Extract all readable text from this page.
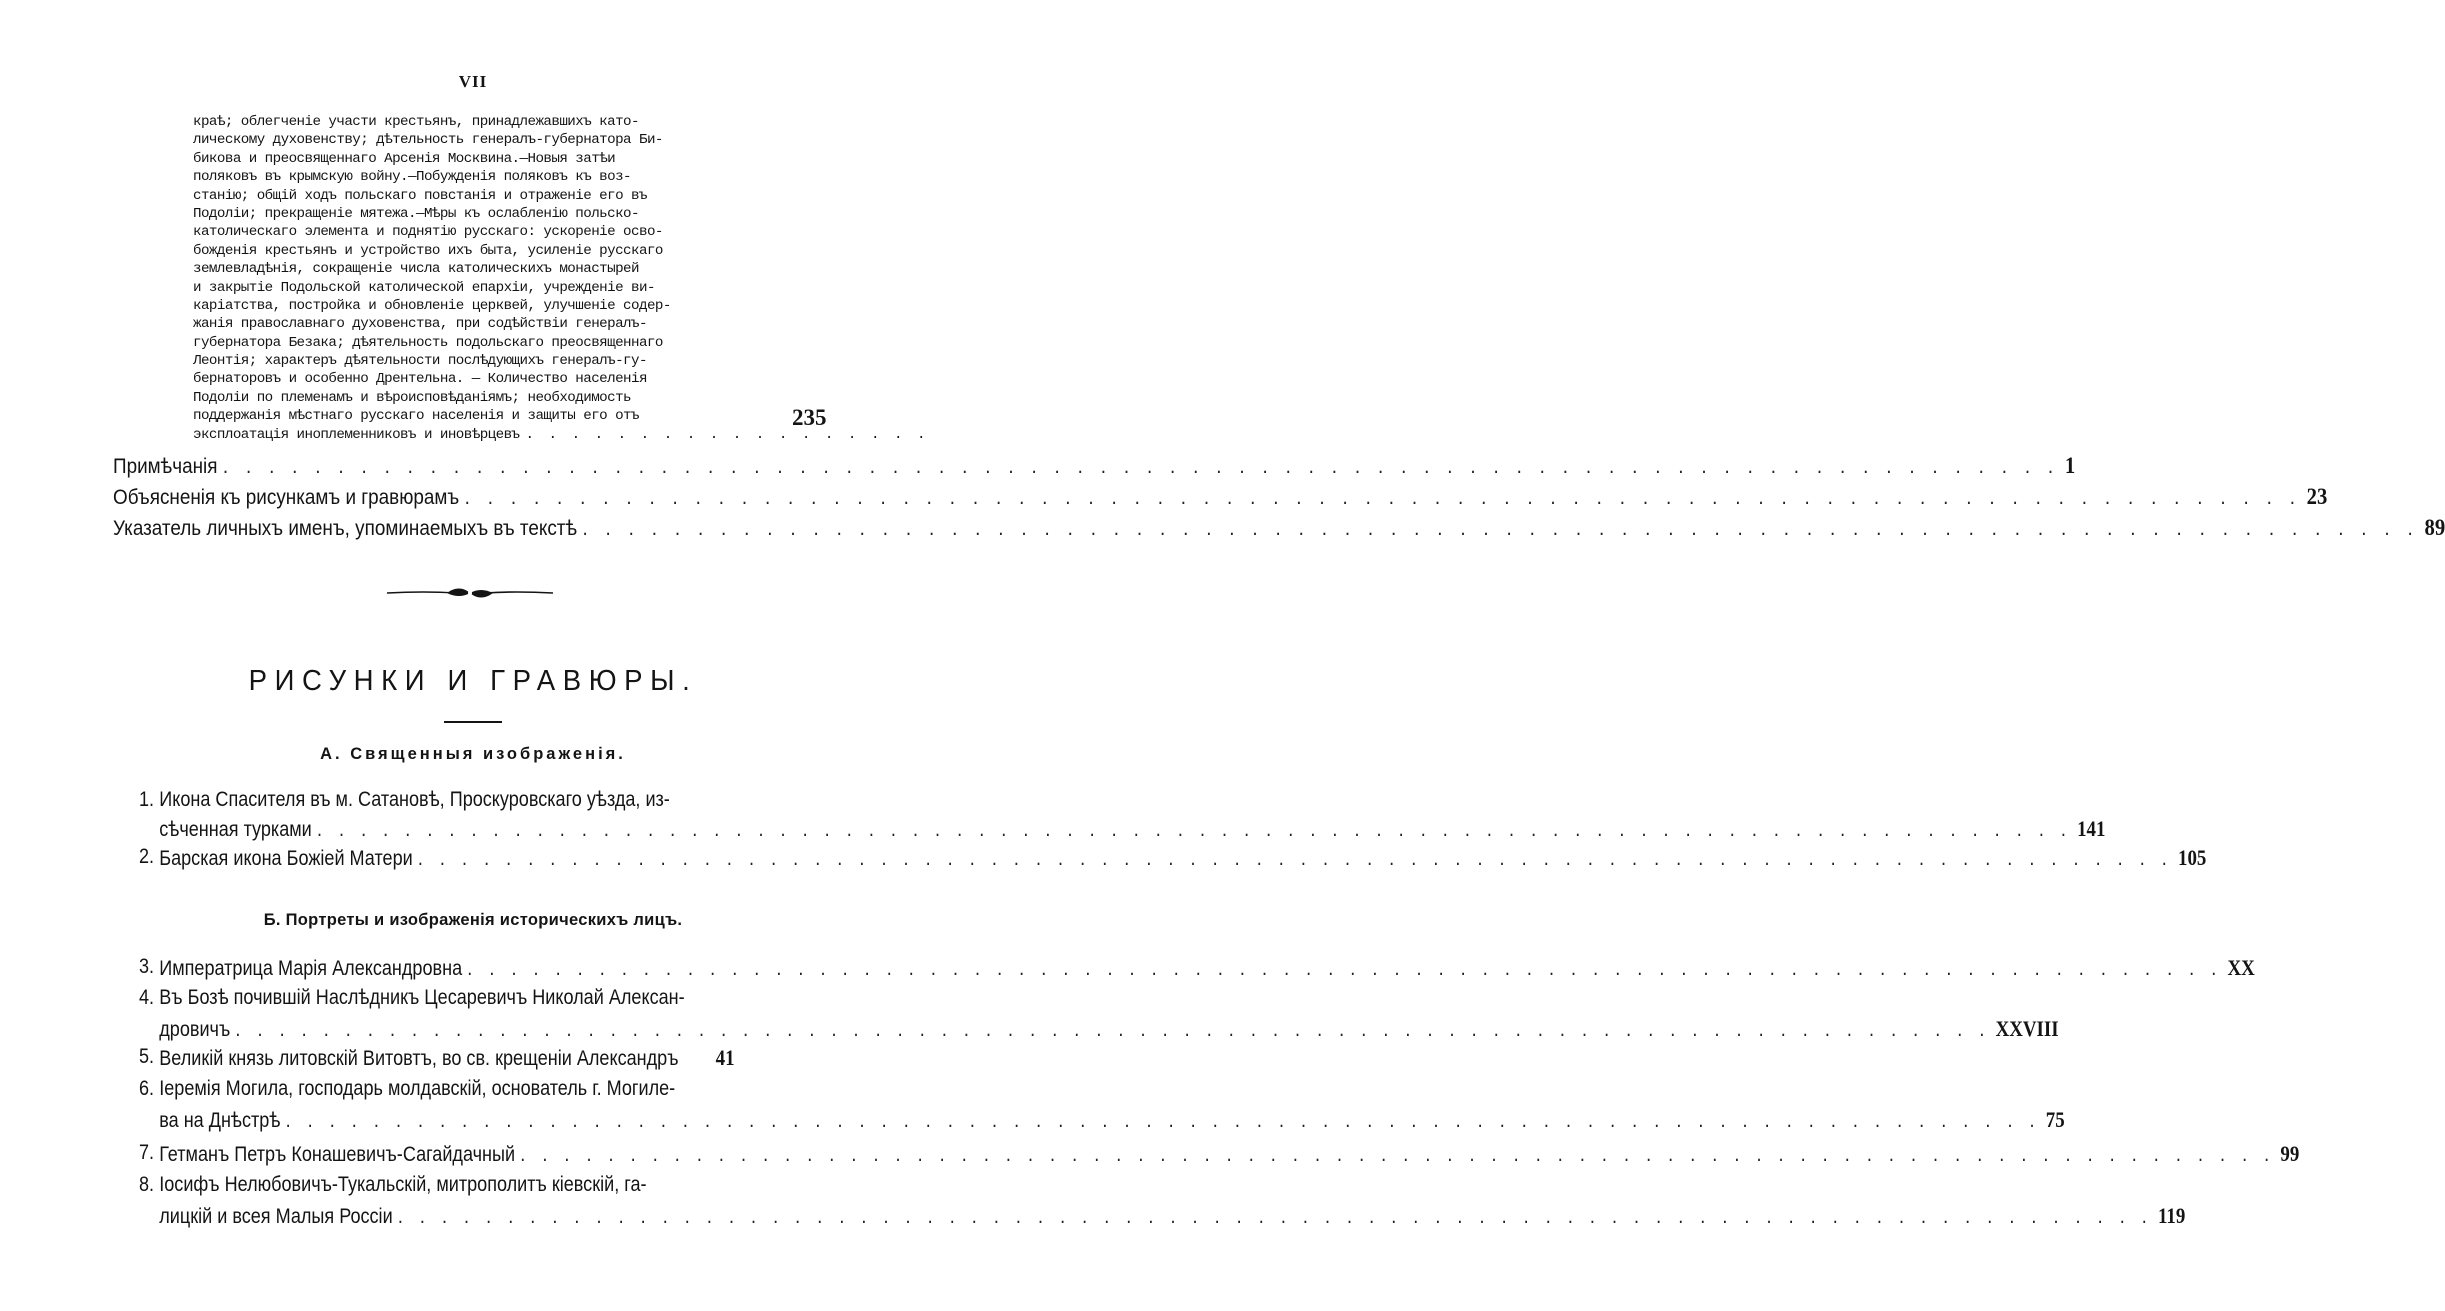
VII
краѣ; облегченіе участи крестьянъ, принадлежавшихъ като-
лическому духовенству; дѣтельность генералъ-губернатора Би-
бикова и преосвященнаго Арсенія Москвина.—Новыя затѣи
поляковъ въ крымскую войну.—Побужденія поляковъ къ воз-
станію; общій ходъ польскаго повстанія и отраженіе его въ
Подоліи; прекращеніе мятежа.—Мѣры къ ослабленію польско-
католическаго элемента и поднятію русскаго: ускореніе осво-
божденія крестьянъ и устройство ихъ быта, усиленіе русскаго
землевладѣнія, сокращеніе числа католическихъ монастырей
и закрытіе Подольской католической епархіи, учрежденіе ви-
каріатства, постройка и обновленіе церквей, улучшеніе содер-
жанія православнаго духовенства, при содѣйствіи генералъ-
губернатора Безака; дѣятельность подольскаго преосвященнаго
Леонтія; характеръ дѣятельности послѣдующихъ генералъ-гу-
бернаторовъ и особенно Дрентельна. — Количество населенія
Подоліи по племенамъ и вѣроисповѣданіямъ; необходимость
поддержанія мѣстнаго русскаго населенія и защиты его отъ
эксплоатація иноплеменниковъ и иновѣрцевъ . . . . . . . . . . . . . . . . . .
235
Примѣчанія . . .	1
Объясненія къ рисункамъ и гравюрамъ . . .	23
Указатель личныхъ именъ, упоминаемыхъ въ текстѣ . . .	89
РИСУНКИ И ГРАВЮРЫ.
А. Священныя изображенія.
1. Икона Спасителя въ м. Сатановѣ, Проскуровскаго уѣзда, из-
сѣченная турками . . .	141
2. Барская икона Божіей Матери . . .	105
Б. Портреты и изображенія историческихъ лицъ.
3. Императрица Марія Александровна . . .	XX
4. Въ Бозѣ почившій Наслѣдникъ Цесаревичъ Николай Алексан-
дровичъ . . .	XXVIII
5. Великій князь литовскій Витовтъ, во св. крещеніи Александръ 41
6. Іеремія Могила, господарь молдавскій, основатель г. Могиле-
ва на Днѣстрѣ . . .	75
7. Гетманъ Петръ Конашевичъ-Сагайдачный . . .	99
8. Іосифъ Нелюбовичъ-Тукальскій, митрополитъ кіевскій, га-
лицкій и всея Малыя Россіи . . .	119
